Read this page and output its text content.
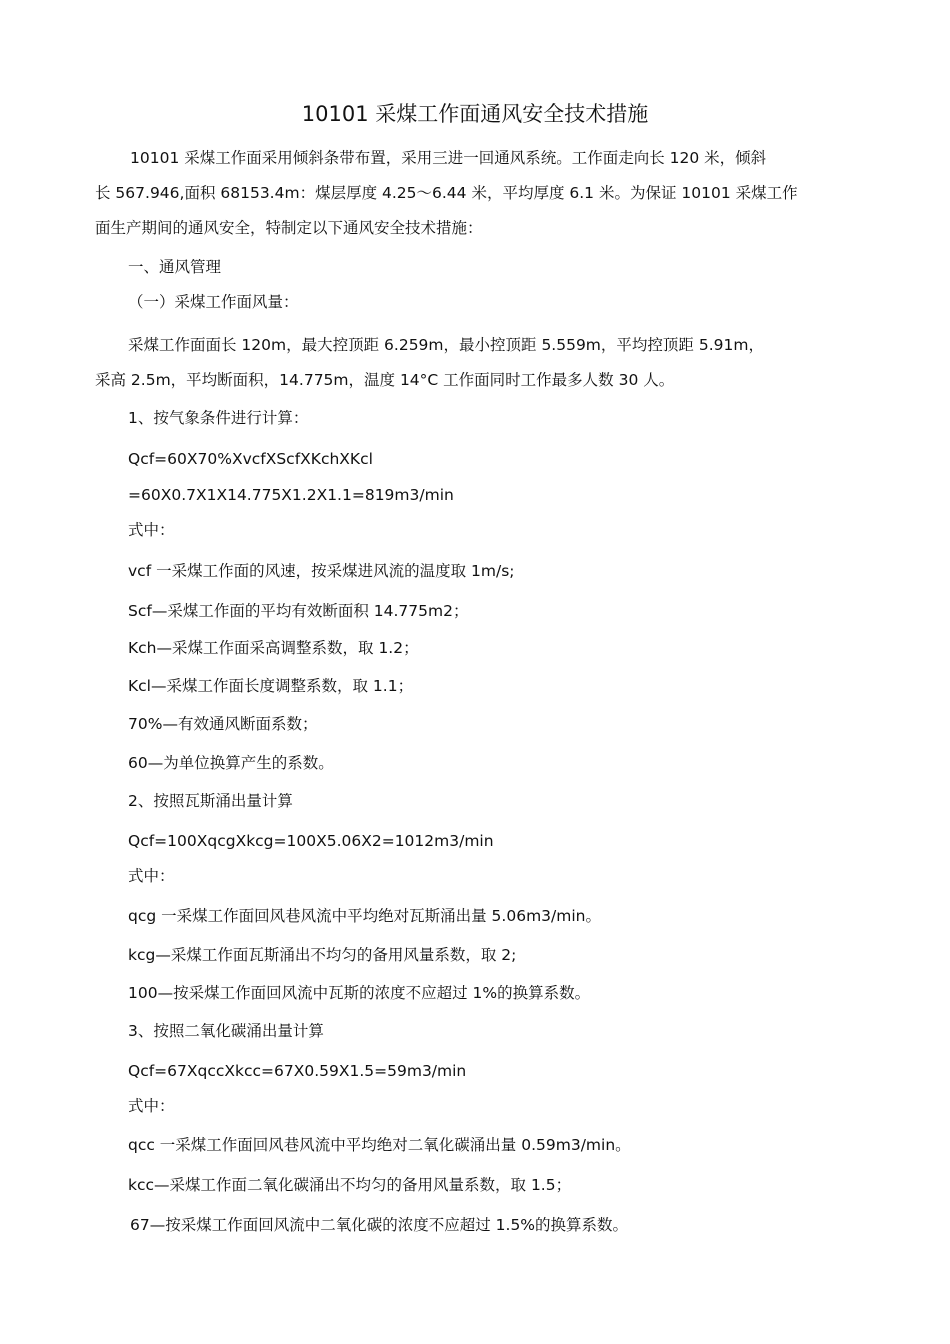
10101 采煤工作面通风安全技术措施
10101 采煤工作面采用倾斜条带布置，采用三进一回通风系统。工作面走向长 120 米，倾斜
长 567.946,面积 68153.4m：煤层厚度 4.25～6.44 米，平均厚度 6.1 米。为保证 10101 采煤工作
面生产期间的通风安全，特制定以下通风安全技术措施：
一、通风管理
（一）采煤工作面风量：
采煤工作面面长 120m，最大控顶距 6.259m，最小控顶距 5.559m，平均控顶距 5.91m，
采高 2.5m，平均断面积，14.775m，温度 14°C 工作面同时工作最多人数 30 人。
1、按气象条件进行计算：
Qcf=60X70%XvcfXScfXKchXKcl
=60X0.7X1X14.775X1.2X1.1=819m3/min
式中：
vcf 一采煤工作面的风速，按采煤进风流的温度取 1m/s;
Scf—采煤工作面的平均有效断面积 14.775m2；
Kch—采煤工作面采高调整系数，取 1.2；
Kcl—采煤工作面长度调整系数，取 1.1；
70%—有效通风断面系数；
60—为单位换算产生的系数。
2、按照瓦斯涌出量计算
Qcf=100XqcgXkcg=100X5.06X2=1012m3/min
式中：
qcg 一采煤工作面回风巷风流中平均绝对瓦斯涌出量 5.06m3/min。
kcg—采煤工作面瓦斯涌出不均匀的备用风量系数，取 2;
100—按采煤工作面回风流中瓦斯的浓度不应超过 1%的换算系数。
3、按照二氧化碳涌出量计算
Qcf=67XqccXkcc=67X0.59X1.5=59m3/min
式中：
qcc 一采煤工作面回风巷风流中平均绝对二氧化碳涌出量 0.59m3/min。
kcc—采煤工作面二氧化碳涌出不均匀的备用风量系数，取 1.5；
67—按采煤工作面回风流中二氧化碳的浓度不应超过 1.5%的换算系数。
